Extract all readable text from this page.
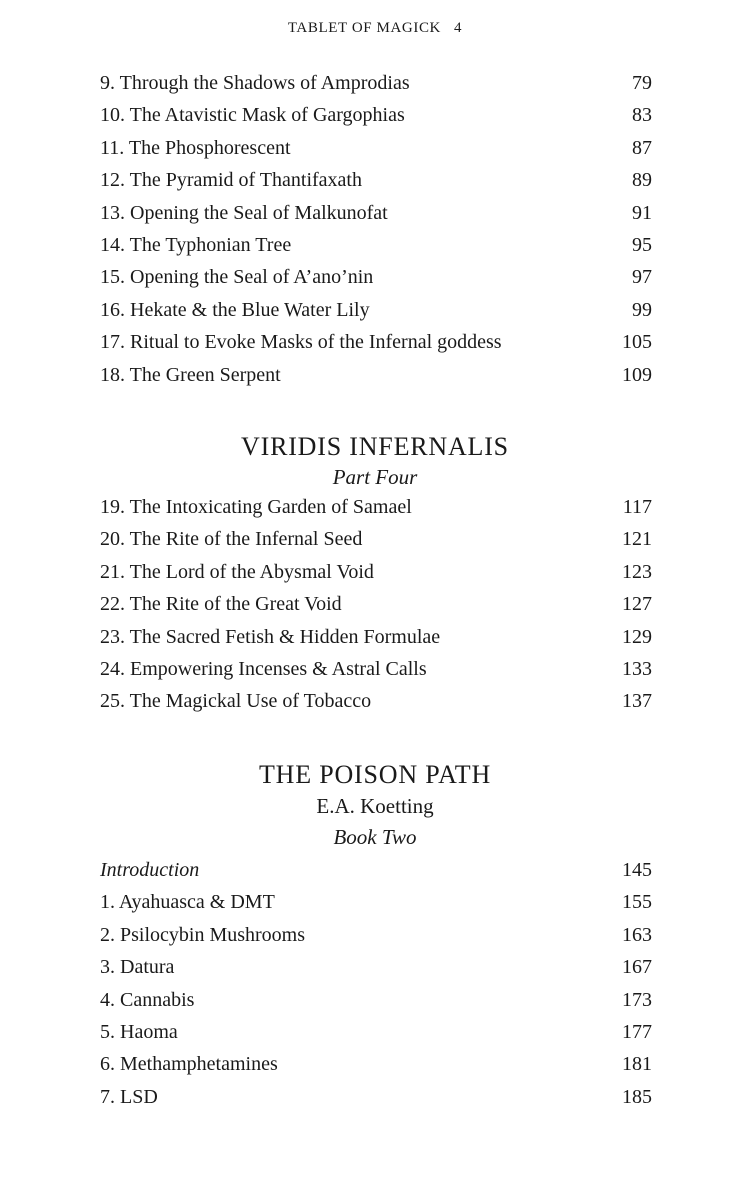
TABLET OF MAGICK   4
9. Through the Shadows of Amprodias	79
10. The Atavistic Mask of Gargophias	83
11. The Phosphorescent	87
12. The Pyramid of Thantifaxath	89
13. Opening the Seal of Malkunofat	91
14. The Typhonian Tree	95
15. Opening the Seal of A’ano’nin	97
16. Hekate & the Blue Water Lily	99
17. Ritual to Evoke Masks of the Infernal goddess	105
18. The Green Serpent	109
VIRIDIS INFERNALIS
Part Four
19. The Intoxicating Garden of Samael	117
20. The Rite of the Infernal Seed	121
21. The Lord of the Abysmal Void	123
22. The Rite of the Great Void	127
23. The Sacred Fetish & Hidden Formulae	129
24. Empowering Incenses & Astral Calls	133
25. The Magickal Use of Tobacco	137
THE POISON PATH
E.A. Koetting
Book Two
Introduction	145
1. Ayahuasca & DMT	155
2. Psilocybin Mushrooms	163
3. Datura	167
4. Cannabis	173
5. Haoma	177
6. Methamphetamines	181
7. LSD	185
